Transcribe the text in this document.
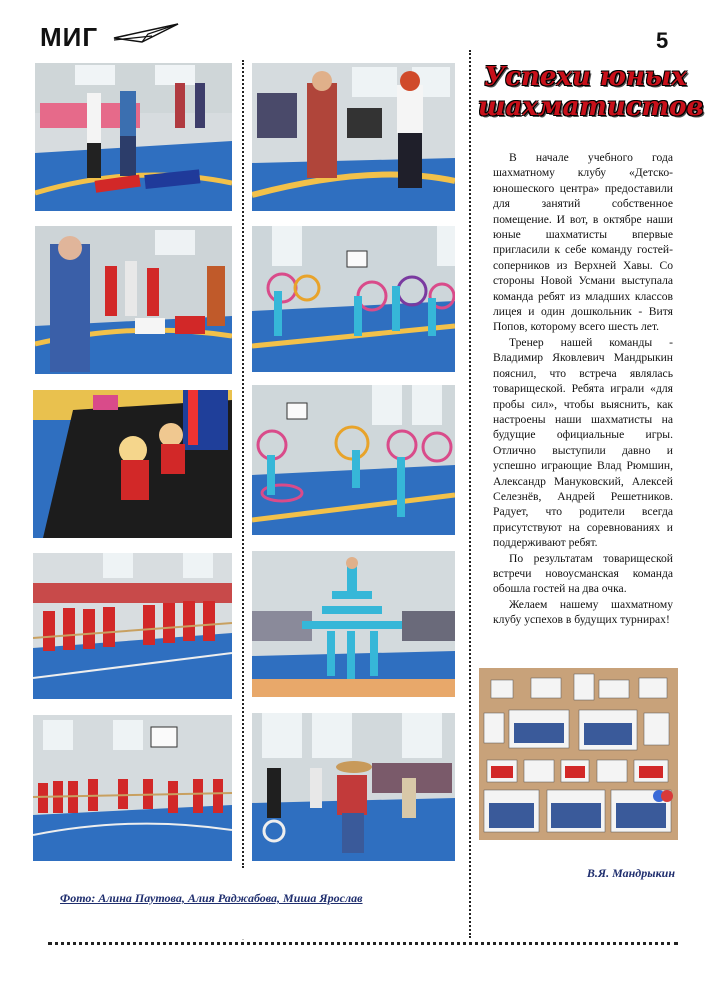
МИГ	5
Успехи юных
шахматистов

В начале учебного года шахматному клубу «Детско-юношеского центра» предоставили для занятий собственное помещение. И вот, в октябре наши юные шахматисты впервые пригласили к себе команду гостей-соперников из Верхней Хавы. Со стороны Новой Усмани выступала команда ребят из младших классов лицея и один дошкольник - Витя Попов, которому всего шесть лет.

Тренер нашей команды - Владимир Яковлевич Мандрыкин пояснил, что встреча являлась товарищеской. Ребята играли «для пробы сил», чтобы выяснить, как настроены наши шахматисты на будущие официальные игры. Отлично выступили давно и успешно играющие Влад Рюмшин, Александр Мануковский, Алексей Селезнёв, Андрей Решетников. Радует, что родители всегда присутствуют на соревнованиях и поддерживают ребят.

По результатам товарищеской встречи новоусманская команда обошла гостей на два очка.

Желаем нашему шахматному клубу успехов в будущих турнирах!

В.Я. Мандрыкин
Фото: Алина Паутова, Алия Раджабова, Миша Ярослав
.
